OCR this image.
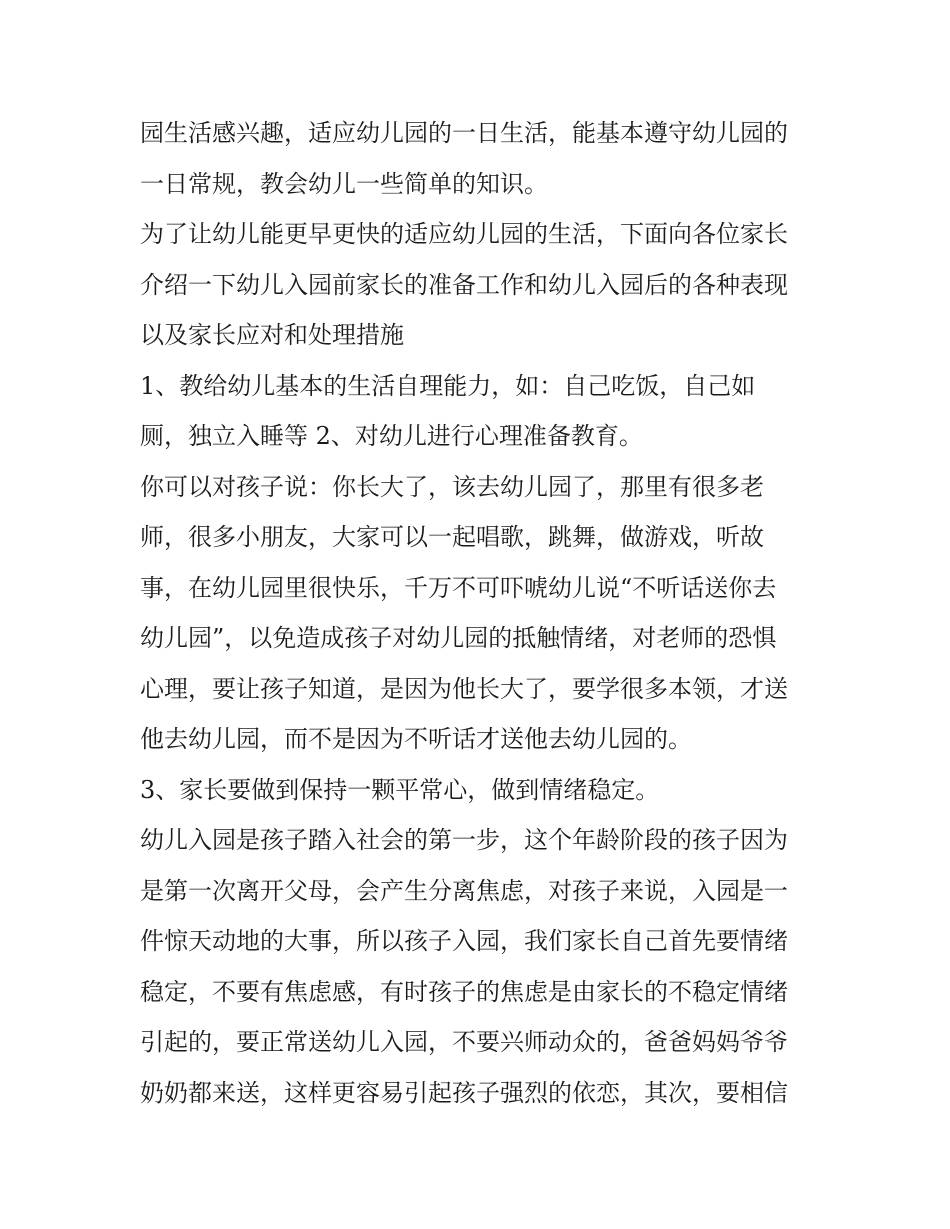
园生活感兴趣，适应幼儿园的一日生活，能基本遵守幼儿园的
一日常规，教会幼儿一些简单的知识。
为了让幼儿能更早更快的适应幼儿园的生活，下面向各位家长
介绍一下幼儿入园前家长的准备工作和幼儿入园后的各种表现
以及家长应对和处理措施
1、教给幼儿基本的生活自理能力，如：自己吃饭，自己如
厕，独立入睡等 2、对幼儿进行心理准备教育。
你可以对孩子说：你长大了，该去幼儿园了，那里有很多老
师，很多小朋友，大家可以一起唱歌，跳舞，做游戏，听故
事，在幼儿园里很快乐，千万不可吓唬幼儿说“不听话送你去
幼儿园”，以免造成孩子对幼儿园的抵触情绪，对老师的恐惧
心理，要让孩子知道，是因为他长大了，要学很多本领，才送
他去幼儿园，而不是因为不听话才送他去幼儿园的。
3、家长要做到保持一颗平常心，做到情绪稳定。
幼儿入园是孩子踏入社会的第一步，这个年龄阶段的孩子因为
是第一次离开父母，会产生分离焦虑，对孩子来说，入园是一
件惊天动地的大事，所以孩子入园，我们家长自己首先要情绪
稳定，不要有焦虑感，有时孩子的焦虑是由家长的不稳定情绪
引起的，要正常送幼儿入园，不要兴师动众的，爸爸妈妈爷爷
奶奶都来送，这样更容易引起孩子强烈的依恋，其次，要相信
